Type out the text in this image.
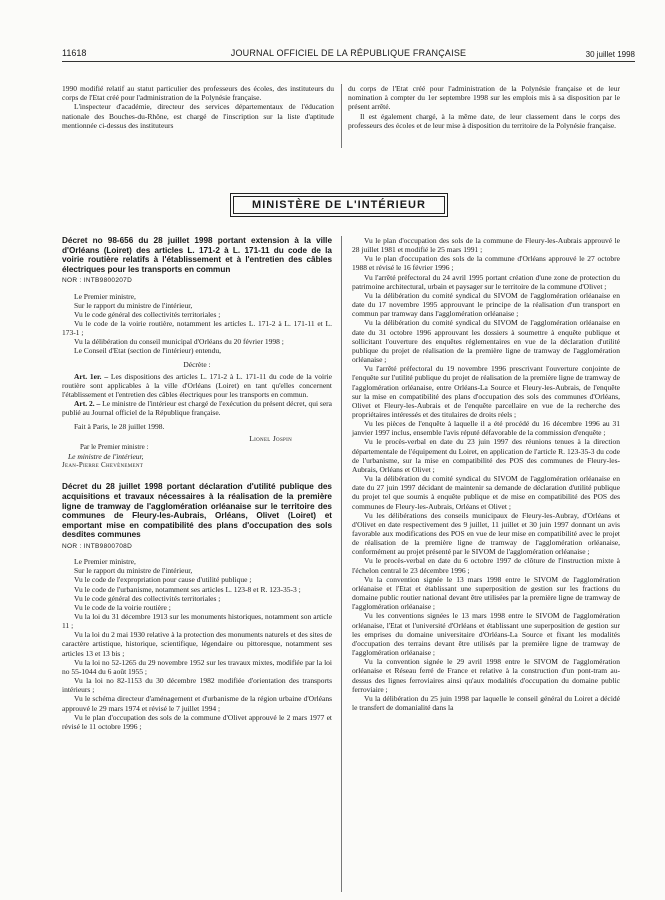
11618	JOURNAL OFFICIEL DE LA RÉPUBLIQUE FRANÇAISE	30 juillet 1998

1990 modifié relatif au statut particulier des professeurs des écoles, des instituteurs du corps de l'Etat créé pour l'administration de la Polynésie française.

L'inspecteur d'académie, directeur des services départementaux de l'éducation nationale des Bouches-du-Rhône, est chargé de l'inscription sur la liste d'aptitude mentionnée ci-dessus des instituteurs

du corps de l'Etat créé pour l'administration de la Polynésie française et de leur nomination à compter du 1er septembre 1998 sur les emplois mis à sa disposition par le présent arrêté.

Il est également chargé, à la même date, de leur classement dans le corps des professeurs des écoles et de leur mise à disposition du territoire de la Polynésie française.

MINISTÈRE DE L'INTÉRIEUR

Décret no 98-656 du 28 juillet 1998 portant extension à la ville d'Orléans (Loiret) des articles L. 171-2 à L. 171-11 du code de la voirie routière relatifs à l'établissement et à l'entretien des câbles électriques pour les transports en commun

NOR : INTB9800207D

Le Premier ministre,

Sur le rapport du ministre de l'intérieur,

Vu le code général des collectivités territoriales ;

Vu le code de la voirie routière, notamment les articles L. 171-2 à L. 171-11 et L. 173-1 ;

Vu la délibération du conseil municipal d'Orléans du 20 février 1998 ;

Le Conseil d'Etat (section de l'intérieur) entendu,

Décrète :

Art. 1er. – Les dispositions des articles L. 171-2 à L. 171-11 du code de la voirie routière sont applicables à la ville d'Orléans (Loiret) en tant qu'elles concernent l'établissement et l'entretien des câbles électriques pour les transports en commun.

Art. 2. – Le ministre de l'intérieur est chargé de l'exécution du présent décret, qui sera publié au Journal officiel de la République française.

Fait à Paris, le 28 juillet 1998.

Lionel Jospin

Par le Premier ministre :

Le ministre de l'intérieur,

Jean-Pierre Chevènement

Décret du 28 juillet 1998 portant déclaration d'utilité publique des acquisitions et travaux nécessaires à la réalisation de la première ligne de tramway de l'agglomération orléanaise sur le territoire des communes de Fleury-les-Aubrais, Orléans, Olivet (Loiret) et emportant mise en compatibilité des plans d'occupation des sols desdites communes

NOR : INTB9800708D

Le Premier ministre,

Sur le rapport du ministre de l'intérieur,

Vu le code de l'expropriation pour cause d'utilité publique ;

Vu le code de l'urbanisme, notamment ses articles L. 123-8 et R. 123-35-3 ;

Vu le code général des collectivités territoriales ;

Vu le code de la voirie routière ;

Vu la loi du 31 décembre 1913 sur les monuments historiques, notamment son article 11 ;

Vu la loi du 2 mai 1930 relative à la protection des monuments naturels et des sites de caractère artistique, historique, scientifique, légendaire ou pittoresque, notamment ses articles 13 et 13 bis ;

Vu la loi no 52-1265 du 29 novembre 1952 sur les travaux mixtes, modifiée par la loi no 55-1044 du 6 août 1955 ;

Vu la loi no 82-1153 du 30 décembre 1982 modifiée d'orientation des transports intérieurs ;

Vu le schéma directeur d'aménagement et d'urbanisme de la région urbaine d'Orléans approuvé le 29 mars 1974 et révisé le 7 juillet 1994 ;

Vu le plan d'occupation des sols de la commune d'Olivet approuvé le 2 mars 1977 et révisé le 11 octobre 1996 ;

Vu le plan d'occupation des sols de la commune de Fleury-les-Aubrais approuvé le 28 juillet 1981 et modifié le 25 mars 1991 ;

Vu le plan d'occupation des sols de la commune d'Orléans approuvé le 27 octobre 1988 et révisé le 16 février 1996 ;

Vu l'arrêté préfectoral du 24 avril 1995 portant création d'une zone de protection du patrimoine architectural, urbain et paysager sur le territoire de la commune d'Olivet ;

Vu la délibération du comité syndical du SIVOM de l'agglomération orléanaise en date du 17 novembre 1995 approuvant le principe de la réalisation d'un transport en commun par tramway dans l'agglomération orléanaise ;

Vu la délibération du comité syndical du SIVOM de l'agglomération orléanaise en date du 31 octobre 1996 approuvant les dossiers à soumettre à enquête publique et sollicitant l'ouverture des enquêtes réglementaires en vue de la déclaration d'utilité publique du projet de réalisation de la première ligne de tramway de l'agglomération orléanaise ;

Vu l'arrêté préfectoral du 19 novembre 1996 prescrivant l'ouverture conjointe de l'enquête sur l'utilité publique du projet de réalisation de la première ligne de tramway de l'agglomération orléanaise, entre Orléans-La Source et Fleury-les-Aubrais, de l'enquête sur la mise en compatibilité des plans d'occupation des sols des communes d'Orléans, Olivet et Fleury-les-Aubrais et de l'enquête parcellaire en vue de la recherche des propriétaires intéressés et des titulaires de droits réels ;

Vu les pièces de l'enquête à laquelle il a été procédé du 16 décembre 1996 au 31 janvier 1997 inclus, ensemble l'avis réputé défavorable de la commission d'enquête ;

Vu le procès-verbal en date du 23 juin 1997 des réunions tenues à la direction départementale de l'équipement du Loiret, en application de l'article R. 123-35-3 du code de l'urbanisme, sur la mise en compatibilité des POS des communes de Fleury-les-Aubrais, Orléans et Olivet ;

Vu la délibération du comité syndical du SIVOM de l'agglomération orléanaise en date du 27 juin 1997 décidant de maintenir sa demande de déclaration d'utilité publique du projet tel que soumis à enquête publique et de mise en compatibilité des POS des communes de Fleury-les-Aubrais, Orléans et Olivet ;

Vu les délibérations des conseils municipaux de Fleury-les-Aubray, d'Orléans et d'Olivet en date respectivement des 9 juillet, 11 juillet et 30 juin 1997 donnant un avis favorable aux modifications des POS en vue de leur mise en compatibilité avec le projet de réalisation de la première ligne de tramway de l'agglomération orléanaise, conformément au projet présenté par le SIVOM de l'agglomération orléanaise ;

Vu le procès-verbal en date du 6 octobre 1997 de clôture de l'instruction mixte à l'échelon central le 23 décembre 1996 ;

Vu la convention signée le 13 mars 1998 entre le SIVOM de l'agglomération orléanaise et l'Etat et établissant une superposition de gestion sur les fractions du domaine public routier national devant être utilisées par la première ligne de tramway de l'agglomération orléanaise ;

Vu les conventions signées le 13 mars 1998 entre le SIVOM de l'agglomération orléanaise, l'Etat et l'université d'Orléans et établissant une superposition de gestion sur les emprises du domaine universitaire d'Orléans-La Source et fixant les modalités d'occupation des terrains devant être utilisés par la première ligne de tramway de l'agglomération orléanaise ;

Vu la convention signée le 29 avril 1998 entre le SIVOM de l'agglomération orléanaise et Réseau ferré de France et relative à la construction d'un pont-tram au-dessus des lignes ferroviaires ainsi qu'aux modalités d'occupation du domaine public ferroviaire ;

Vu la délibération du 25 juin 1998 par laquelle le conseil général du Loiret a décidé le transfert de domanialité dans la
